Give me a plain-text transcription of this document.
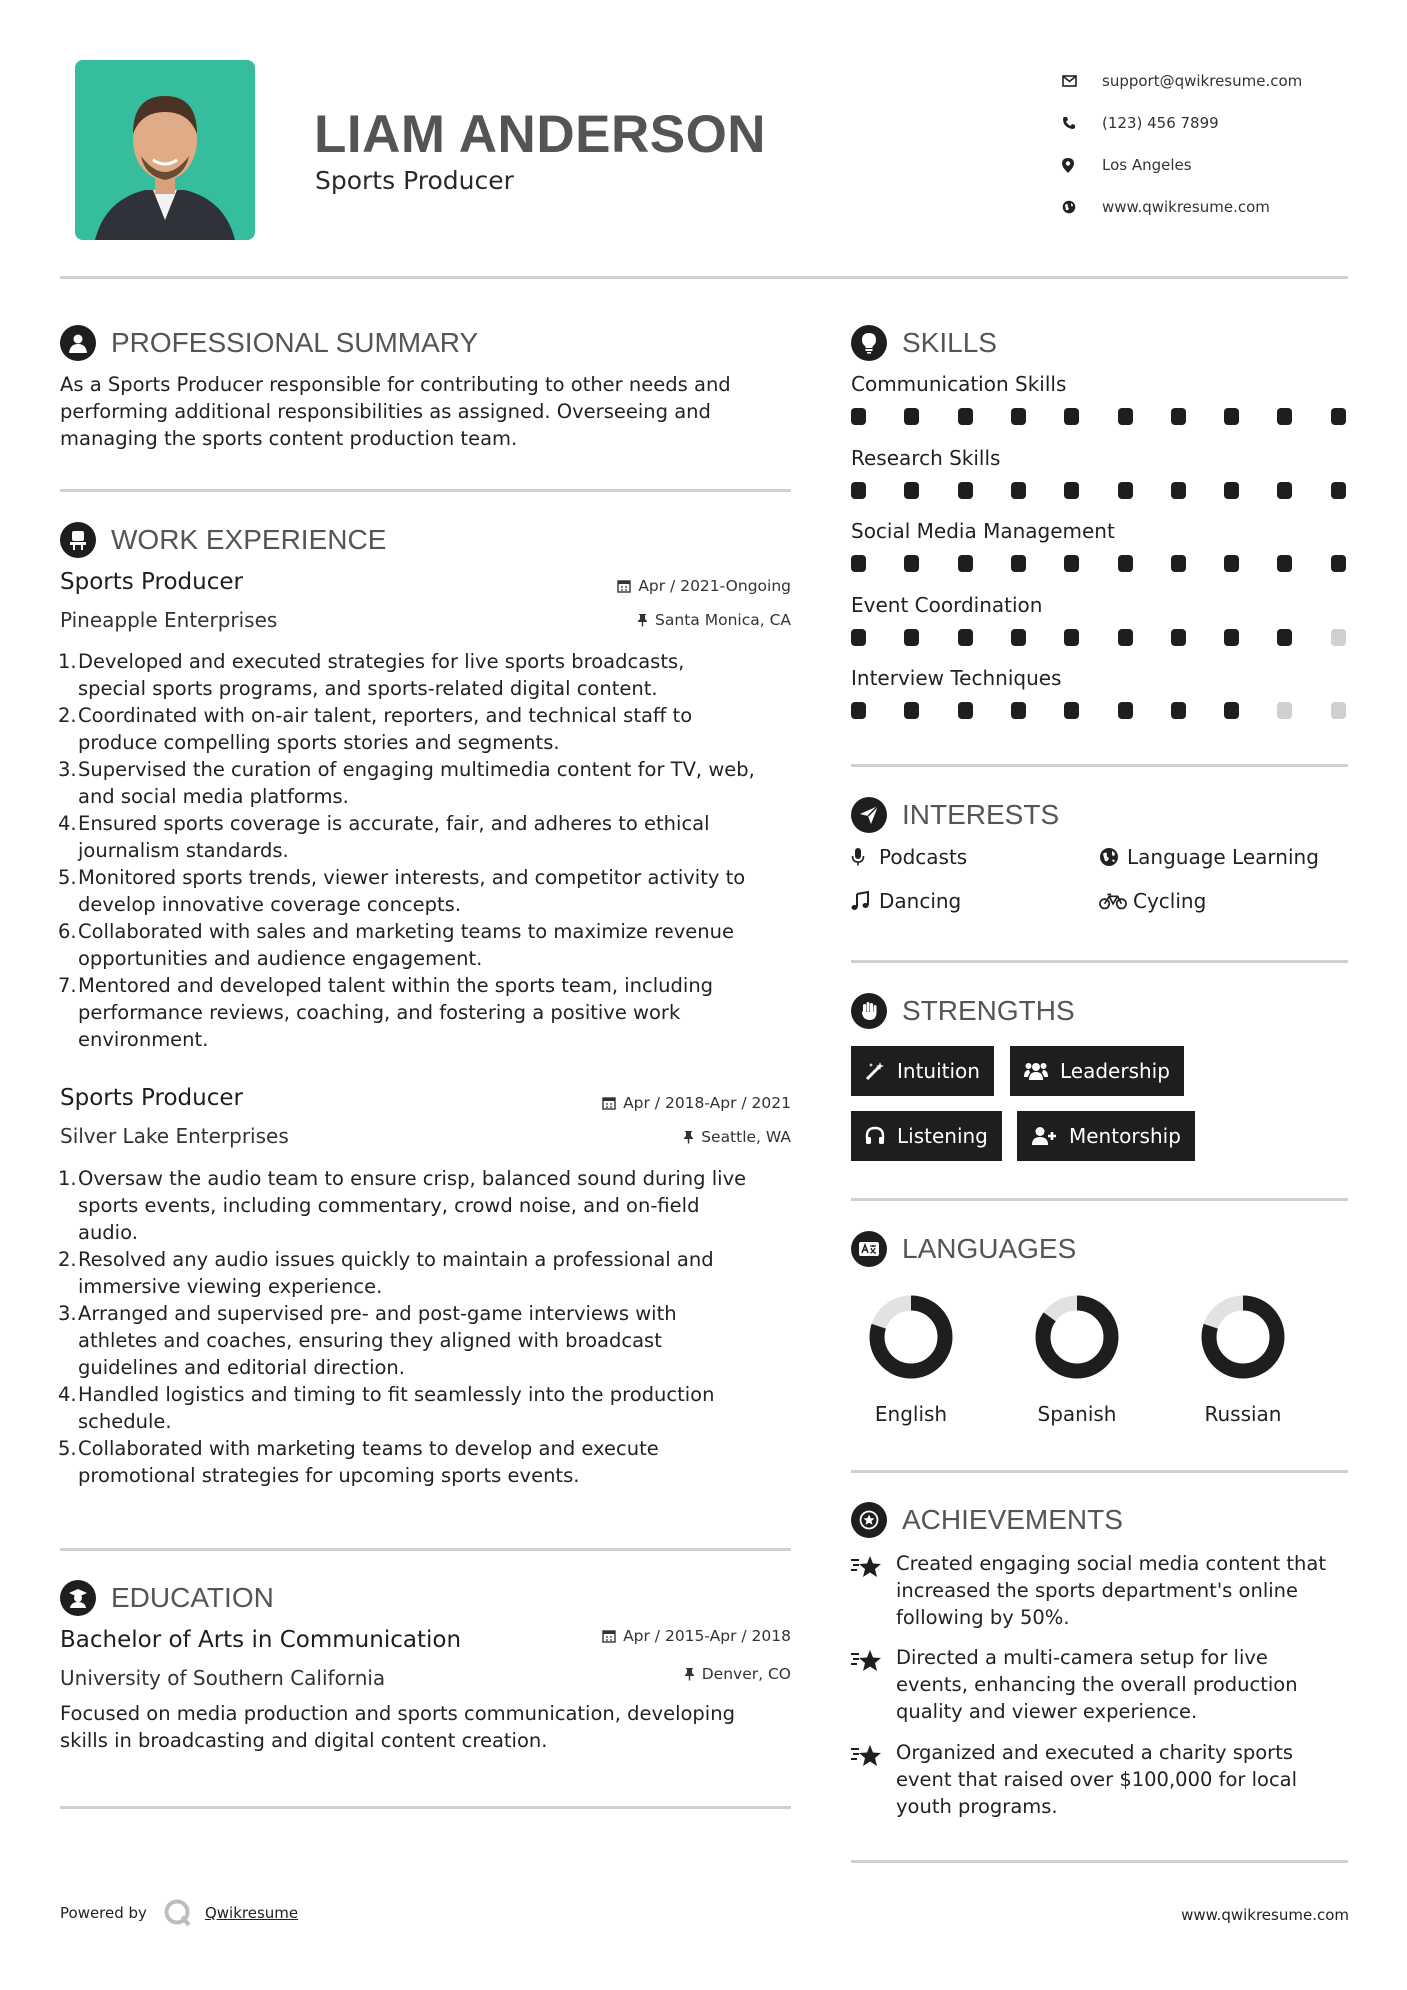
LIAM ANDERSON
Sports Producer
support@qwikresume.com
(123) 456 7899
Los Angeles
www.qwikresume.com
PROFESSIONAL SUMMARY
As a Sports Producer responsible for contributing to other needs and
performing additional responsibilities as assigned. Overseeing and
managing the sports content production team.
WORK EXPERIENCE
Sports Producer
Pineapple Enterprises
Apr / 2021-Ongoing
Santa Monica, CA
1. Developed and executed strategies for live sports broadcasts,
special sports programs, and sports-related digital content.
2. Coordinated with on-air talent, reporters, and technical staff to
produce compelling sports stories and segments.
3. Supervised the curation of engaging multimedia content for TV, web,
and social media platforms.
4. Ensured sports coverage is accurate, fair, and adheres to ethical
journalism standards.
5. Monitored sports trends, viewer interests, and competitor activity to
develop innovative coverage concepts.
6. Collaborated with sales and marketing teams to maximize revenue
opportunities and audience engagement.
7. Mentored and developed talent within the sports team, including
performance reviews, coaching, and fostering a positive work
environment.
Sports Producer
Silver Lake Enterprises
Apr / 2018-Apr / 2021
Seattle, WA
1. Oversaw the audio team to ensure crisp, balanced sound during live
sports events, including commentary, crowd noise, and on-field
audio.
2. Resolved any audio issues quickly to maintain a professional and
immersive viewing experience.
3. Arranged and supervised pre- and post-game interviews with
athletes and coaches, ensuring they aligned with broadcast
guidelines and editorial direction.
4. Handled logistics and timing to fit seamlessly into the production
schedule.
5. Collaborated with marketing teams to develop and execute
promotional strategies for upcoming sports events.
EDUCATION
Bachelor of Arts in Communication
University of Southern California
Apr / 2015-Apr / 2018
Denver, CO
Focused on media production and sports communication, developing
skills in broadcasting and digital content creation.
SKILLS
Communication Skills
Research Skills
Social Media Management
Event Coordination
Interview Techniques
INTERESTS
Podcasts	Language Learning
Dancing	Cycling
STRENGTHS
Intuition	Leadership
Listening	Mentorship
LANGUAGES
English	Spanish	Russian
ACHIEVEMENTS
Created engaging social media content that
increased the sports department's online
following by 50%.
Directed a multi-camera setup for live
events, enhancing the overall production
quality and viewer experience.
Organized and executed a charity sports
event that raised over $100,000 for local
youth programs.
Powered by	Qwikresume	www.qwikresume.com
